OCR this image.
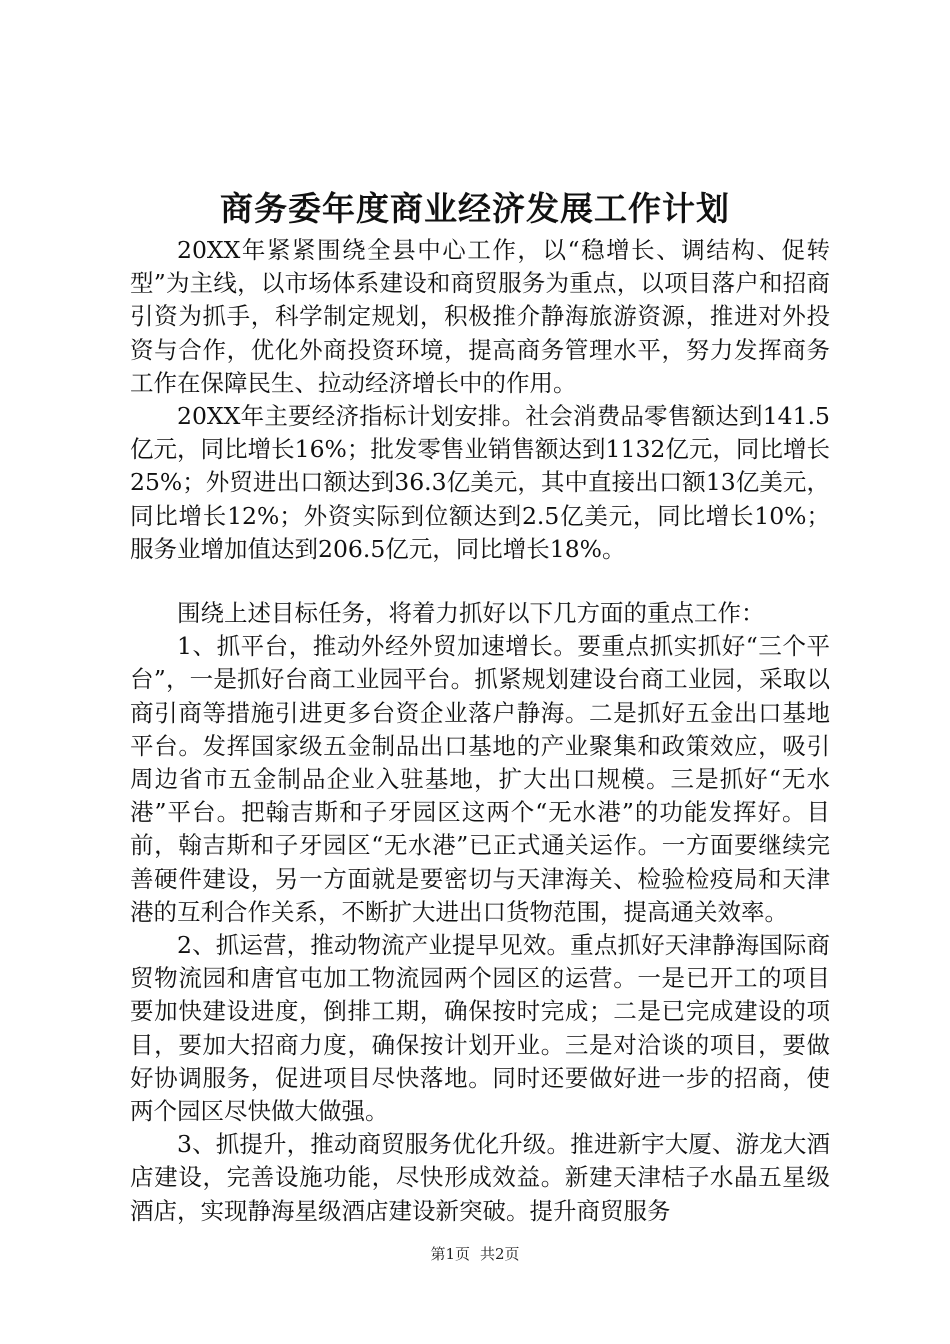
商务委年度商业经济发展工作计划

20XX年紧紧围绕全县中心工作，以“稳增长、调结构、促转型”为主线，以市场体系建设和商贸服务为重点，以项目落户和招商引资为抓手，科学制定规划，积极推介静海旅游资源，推进对外投资与合作，优化外商投资环境，提高商务管理水平，努力发挥商务工作在保障民生、拉动经济增长中的作用。

20XX年主要经济指标计划安排。社会消费品零售额达到141.5亿元，同比增长16%；批发零售业销售额达到1132亿元，同比增长25%；外贸进出口额达到36.3亿美元，其中直接出口额13亿美元，同比增长12%；外资实际到位额达到2.5亿美元，同比增长10%；服务业增加值达到206.5亿元，同比增长18%。

围绕上述目标任务，将着力抓好以下几方面的重点工作：

1、抓平台，推动外经外贸加速增长。要重点抓实抓好“三个平台”，一是抓好台商工业园平台。抓紧规划建设台商工业园，采取以商引商等措施引进更多台资企业落户静海。二是抓好五金出口基地平台。发挥国家级五金制品出口基地的产业聚集和政策效应，吸引周边省市五金制品企业入驻基地，扩大出口规模。三是抓好“无水港”平台。把翰吉斯和子牙园区这两个“无水港”的功能发挥好。目前，翰吉斯和子牙园区“无水港”已正式通关运作。一方面要继续完善硬件建设，另一方面就是要密切与天津海关、检验检疫局和天津港的互利合作关系，不断扩大进出口货物范围，提高通关效率。

2、抓运营，推动物流产业提早见效。重点抓好天津静海国际商贸物流园和唐官屯加工物流园两个园区的运营。一是已开工的项目要加快建设进度，倒排工期，确保按时完成；二是已完成建设的项目，要加大招商力度，确保按计划开业。三是对洽谈的项目，要做好协调服务，促进项目尽快落地。同时还要做好进一步的招商，使两个园区尽快做大做强。

3、抓提升，推动商贸服务优化升级。推进新宇大厦、游龙大酒店建设，完善设施功能，尽快形成效益。新建天津桔子水晶五星级酒店，实现静海星级酒店建设新突破。提升商贸服务

第1页 共2页
